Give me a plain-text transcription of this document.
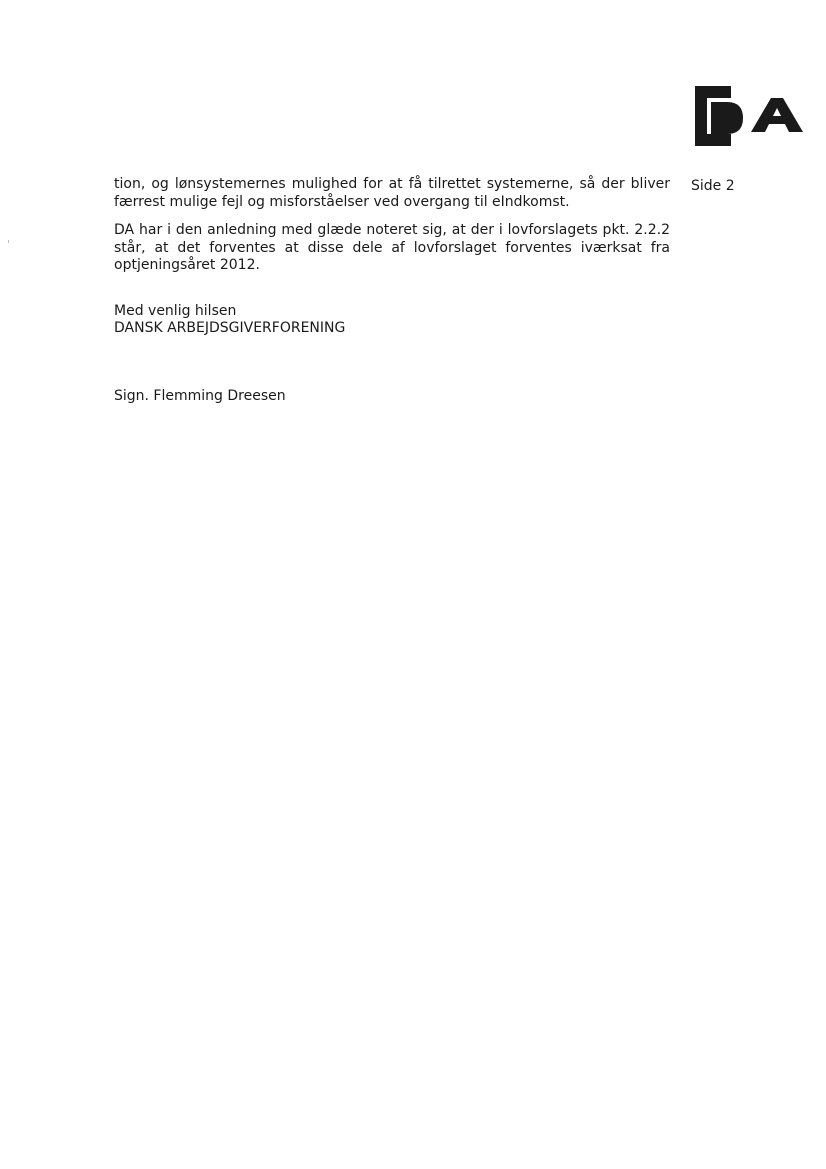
Side 2

tion, og lønsystemernes mulighed for at få tilrettet systemerne, så der bliver færrest mulige fejl og misforståelser ved overgang til eIndkomst.

DA har i den anledning med glæde noteret sig, at der i lovforslagets pkt. 2.2.2 står, at det forventes at disse dele af lovforslaget forventes iværksat fra optjeningsåret 2012.

Med venlig hilsen
DANSK ARBEJDSGIVERFORENING
Sign. Flemming Dreesen
